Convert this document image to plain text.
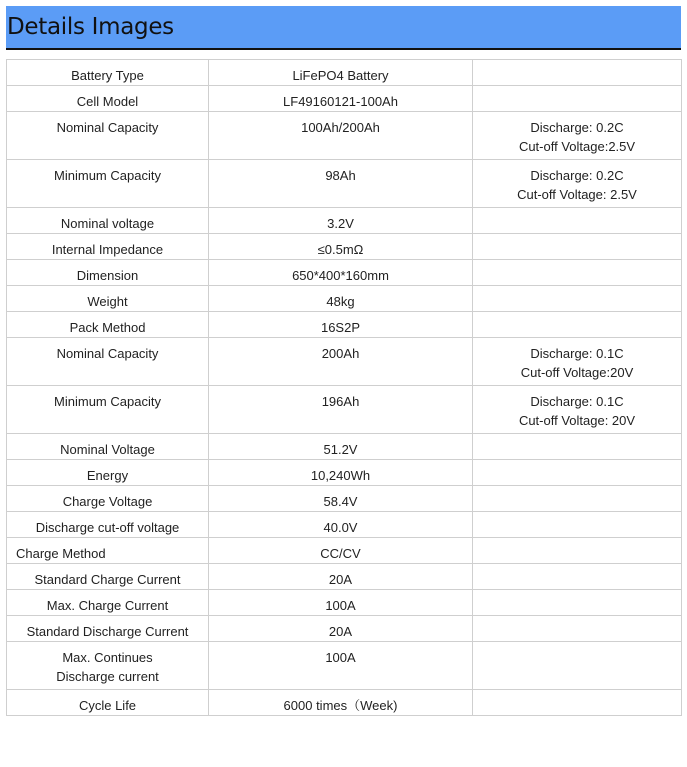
Details Images
Battery Type	LiFePO4 Battery	
Cell Model	LF49160121-100Ah	
Nominal Capacity	100Ah/200Ah	Discharge: 0.2C
Cut-off Voltage:2.5V

Minimum Capacity	98Ah	Discharge: 0.2C
Cut-off Voltage: 2.5V

Nominal voltage	3.2V	
Internal Impedance	≤0.5mΩ	
Dimension	650*400*160mm	
Weight	48kg	
Pack Method	16S2P	
Nominal Capacity	200Ah	Discharge: 0.1C
Cut-off Voltage:20V

Minimum Capacity	196Ah	Discharge: 0.1C
Cut-off Voltage: 20V

Nominal Voltage	51.2V	
Energy	10,240Wh	
Charge Voltage	58.4V	
Discharge cut-off voltage	40.0V	
Charge Method	CC/CV	
Standard Charge Current	20A	
Max. Charge Current	100A	
Standard Discharge Current	20A	

Max. Continues
Discharge current	100A	
Cycle Life	6000 times（Week)	
